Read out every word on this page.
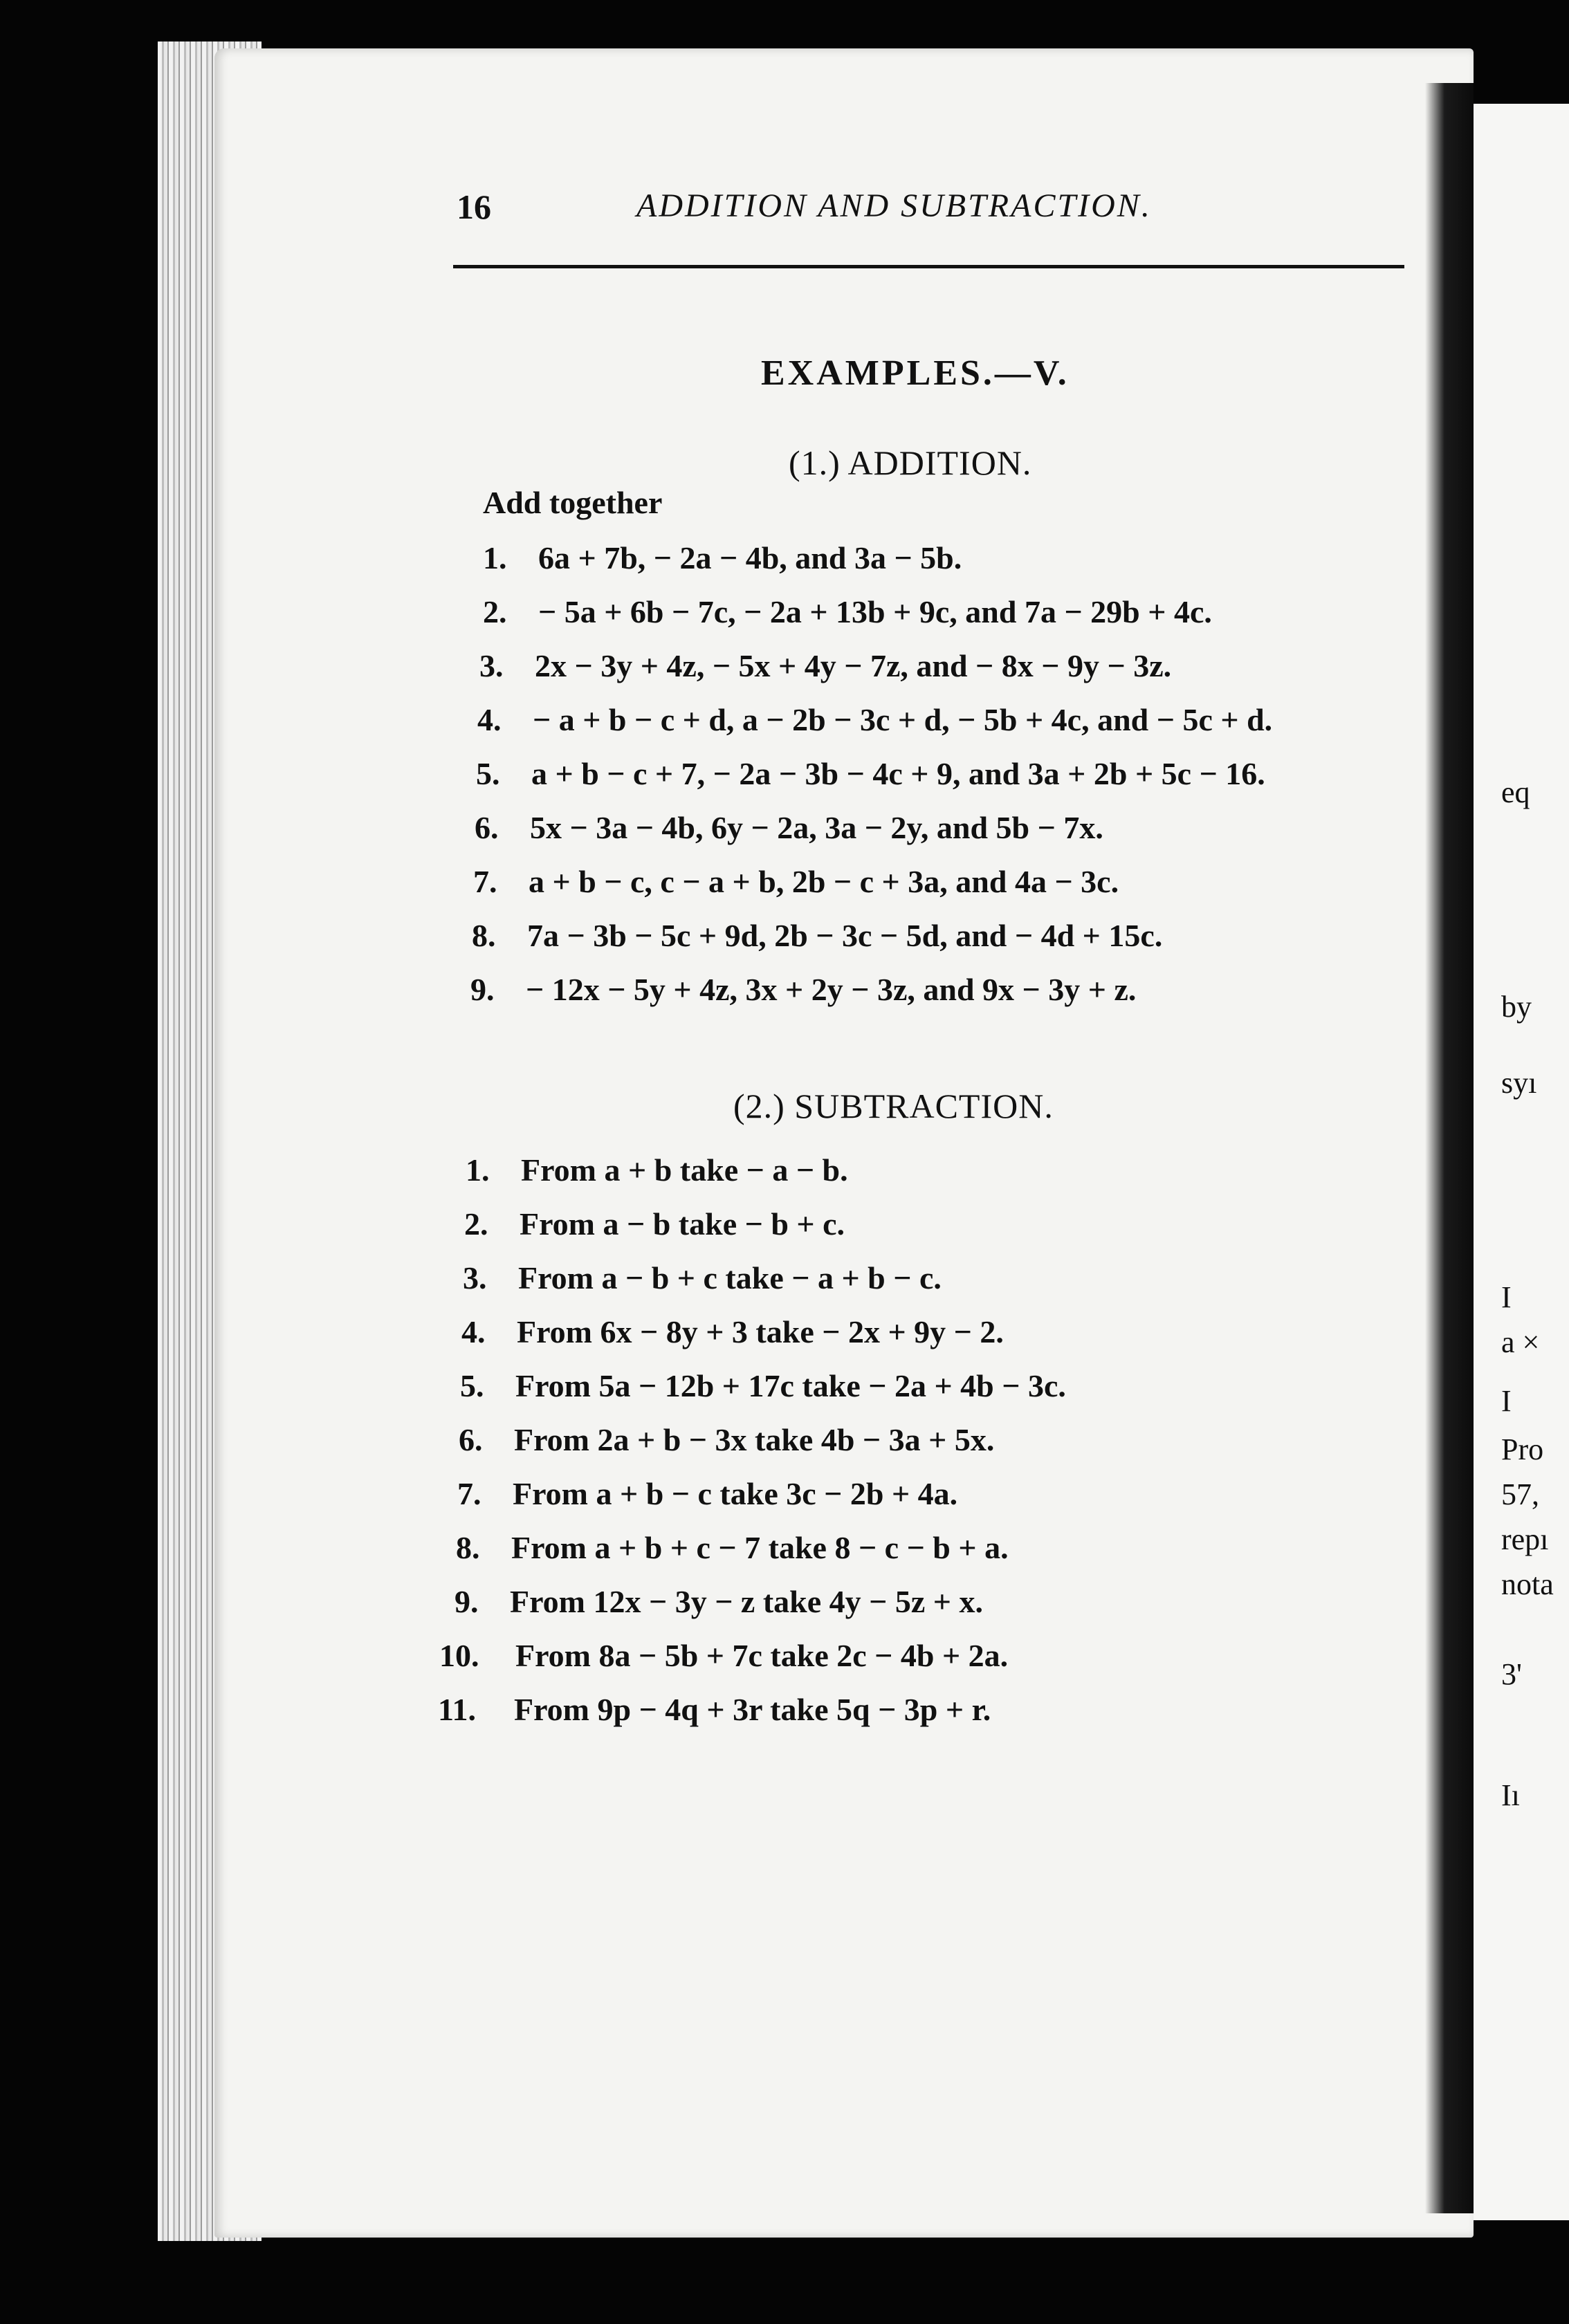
eq
by
syı
I
a ×
I
Pro
57,
repı
nota
3'
Iı
16	ADDITION AND SUBTRACTION.
EXAMPLES.—V.
(1.) ADDITION.
Add together
1. 6a + 7b, − 2a − 4b, and 3a − 5b.
2. − 5a + 6b − 7c, − 2a + 13b + 9c, and 7a − 29b + 4c.
3. 2x − 3y + 4z, − 5x + 4y − 7z, and − 8x − 9y − 3z.
4. − a + b − c + d, a − 2b − 3c + d, − 5b + 4c, and − 5c + d.
5. a + b − c + 7, − 2a − 3b − 4c + 9, and 3a + 2b + 5c − 16.
6. 5x − 3a − 4b, 6y − 2a, 3a − 2y, and 5b − 7x.
7. a + b − c, c − a + b, 2b − c + 3a, and 4a − 3c.
8. 7a − 3b − 5c + 9d, 2b − 3c − 5d, and − 4d + 15c.
9. − 12x − 5y + 4z, 3x + 2y − 3z, and 9x − 3y + z.
(2.) SUBTRACTION.
1. From a + b take − a − b.
2. From a − b take − b + c.
3. From a − b + c take − a + b − c.
4. From 6x − 8y + 3 take − 2x + 9y − 2.
5. From 5a − 12b + 17c take − 2a + 4b − 3c.
6. From 2a + b − 3x take 4b − 3a + 5x.
7. From a + b − c take 3c − 2b + 4a.
8. From a + b + c − 7 take 8 − c − b + a.
9. From 12x − 3y − z take 4y − 5z + x.
10. From 8a − 5b + 7c take 2c − 4b + 2a.
11. From 9p − 4q + 3r take 5q − 3p + r.
